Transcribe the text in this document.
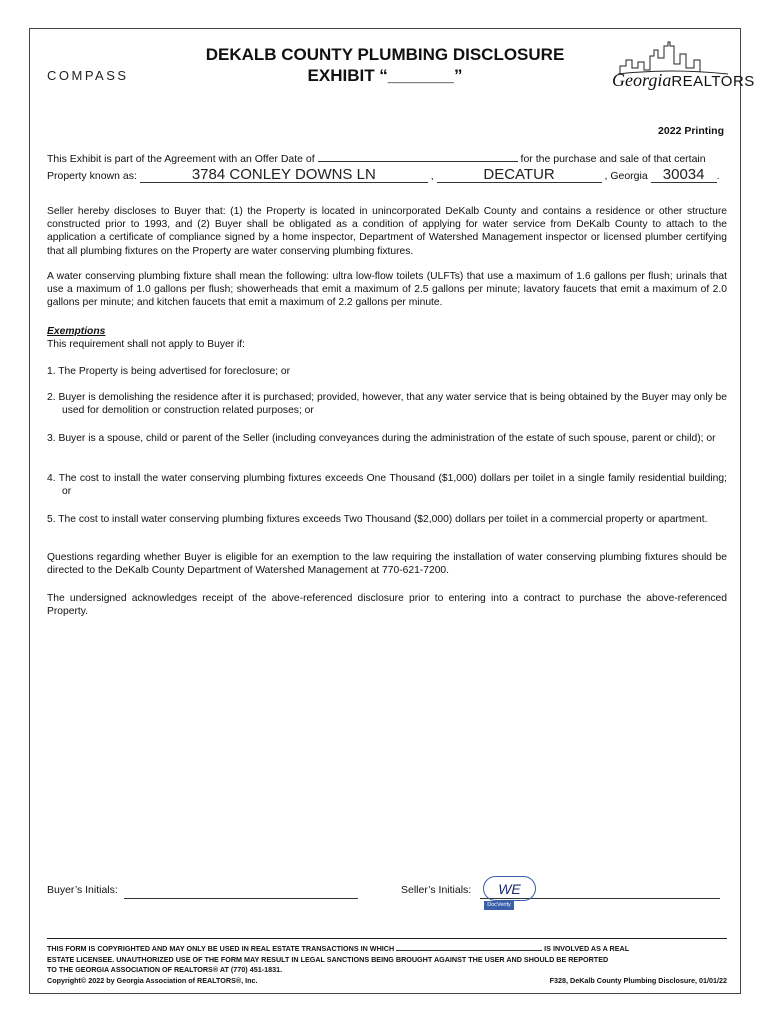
COMPASS
DEKALB COUNTY PLUMBING DISCLOSURE
EXHIBIT “_______”	GeorgiaREALTORS
2022 Printing
This Exhibit is part of the Agreement with an Offer Date of	for the purchase and sale of that certain
Property known as:	3784 CONLEY DOWNS LN	,	DECATUR	, Georgia 30034 .
Seller hereby discloses to Buyer that: (1) the Property is located in unincorporated DeKalb County and contains a residence or other structure constructed prior to 1993, and (2) Buyer shall be obligated as a condition of applying for water service from DeKalb County to attach to the application a certificate of compliance signed by a home inspector, Department of Watershed Management inspector or licensed plumber certifying that all plumbing fixtures on the Property are water conserving plumbing fixtures.
A water conserving plumbing fixture shall mean the following: ultra low-flow toilets (ULFTs) that use a maximum of 1.6 gallons per flush; urinals that use a maximum of 1.0 gallons per flush; showerheads that emit a maximum of 2.5 gallons per minute; lavatory faucets that emit a maximum of 2.0 gallons per minute; and kitchen faucets that emit a maximum of 2.2 gallons per minute.
Exemptions
This requirement shall not apply to Buyer if:
1. The Property is being advertised for foreclosure; or
2. Buyer is demolishing the residence after it is purchased; provided, however, that any water service that is being obtained by the Buyer may only be used for demolition or construction related purposes; or
3. Buyer is a spouse, child or parent of the Seller (including conveyances during the administration of the estate of such spouse, parent or child); or
4. The cost to install the water conserving plumbing fixtures exceeds One Thousand ($1,000) dollars per toilet in a single family residential building; or
5. The cost to install water conserving plumbing fixtures exceeds Two Thousand ($2,000) dollars per toilet in a commercial property or apartment.
Questions regarding whether Buyer is eligible for an exemption to the law requiring the installation of water conserving plumbing fixtures should be directed to the DeKalb County Department of Watershed Management at 770-621-7200.
The undersigned acknowledges receipt of the above-referenced disclosure prior to entering into a contract to purchase the above-referenced Property.
Buyer’s Initials:	Seller’s Initials:	WE
DocVerify
THIS FORM IS COPYRIGHTED AND MAY ONLY BE USED IN REAL ESTATE TRANSACTIONS IN WHICH	IS INVOLVED AS A REAL
ESTATE LICENSEE. UNAUTHORIZED USE OF THE FORM MAY RESULT IN LEGAL SANCTIONS BEING BROUGHT AGAINST THE USER AND SHOULD BE REPORTED
TO THE GEORGIA ASSOCIATION OF REALTORS® AT (770) 451-1831.
Copyright© 2022 by Georgia Association of REALTORS®, Inc.	F328, DeKalb County Plumbing Disclosure, 01/01/22
